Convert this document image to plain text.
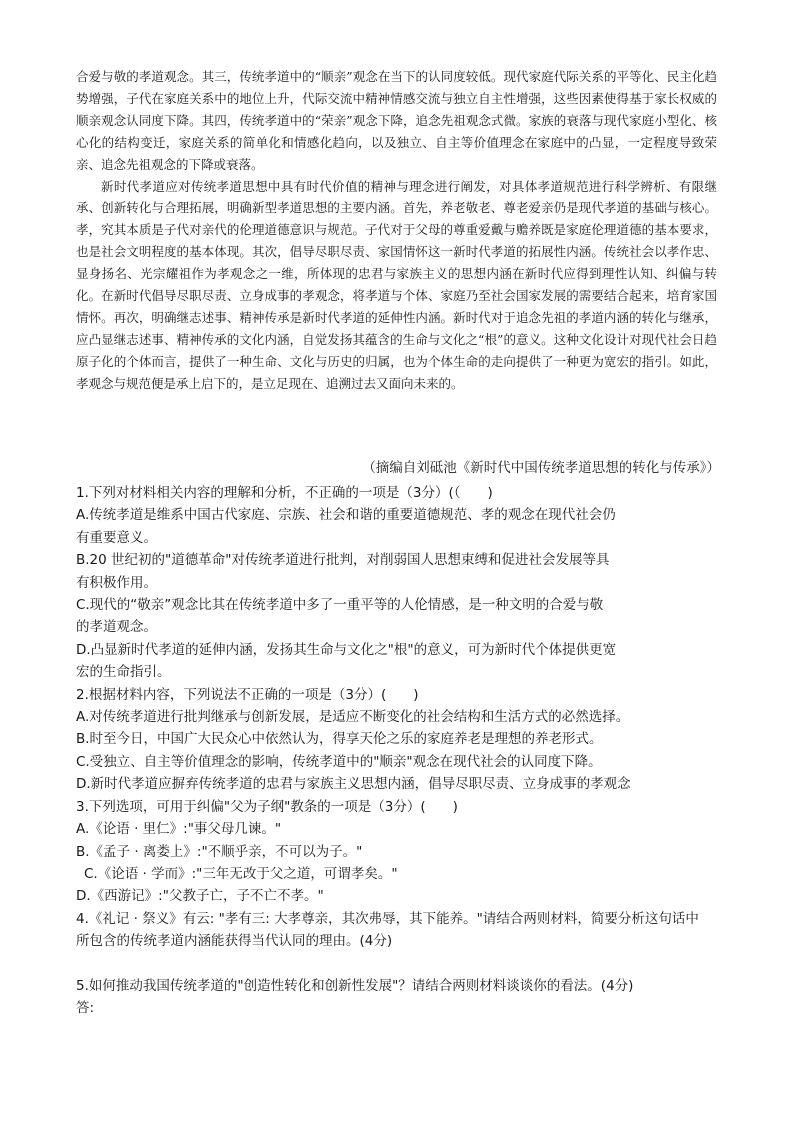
合爱与敬的孝道观念。其三，传统孝道中的“顺亲”观念在当下的认同度较低。现代家庭代际关系的平等化、民主化趋势增强，子代在家庭关系中的地位上升，代际交流中精神情感交流与独立自主性增强，这些因素使得基于家长权威的顺亲观念认同度下降。其四，传统孝道中的“荣亲”观念下降，追念先祖观念式微。家族的衰落与现代家庭小型化、核心化的结构变迁，家庭关系的简单化和情感化趋向，以及独立、自主等价值理念在家庭中的凸显，一定程度导致荣亲、追念先祖观念的下降或衰落。

新时代孝道应对传统孝道思想中具有时代价值的精神与理念进行阐发，对具体孝道规范进行科学辨析、有限继承、创新转化与合理拓展，明确新型孝道思想的主要内涵。首先，养老敬老、尊老爱亲仍是现代孝道的基础与核心。孝，究其本质是子代对亲代的伦理道德意识与规范。子代对于父母的尊重爱戴与赡养既是家庭伦理道德的基本要求，也是社会文明程度的基本体现。其次，倡导尽职尽责、家国情怀这一新时代孝道的拓展性内涵。传统社会以孝作忠、显身扬名、光宗耀祖作为孝观念之一维，所体现的忠君与家族主义的思想内涵在新时代应得到理性认知、纠偏与转化。在新时代倡导尽职尽责、立身成事的孝观念，将孝道与个体、家庭乃至社会国家发展的需要结合起来，培育家国情怀。再次，明确继志述事、精神传承是新时代孝道的延伸性内涵。新时代对于追念先祖的孝道内涵的转化与继承，应凸显继志述事、精神传承的文化内涵，自觉发扬其蕴含的生命与文化之“根”的意义。这种文化设计对现代社会日趋原子化的个体而言，提供了一种生命、文化与历史的归属，也为个体生命的走向提供了一种更为宽宏的指引。如此，孝观念与规范便是承上启下的，是立足现在、追溯过去又面向未来的。

（摘编自刘砥池《新时代中国传统孝道思想的转化与传承》）
1.下列对材料相关内容的理解和分析，不正确的一项是（3分）(（　　)
A.传统孝道是维系中国古代家庭、宗族、社会和谐的重要道德规范、孝的观念在现代社会仍
有重要意义。
B.20 世纪初的"道德革命"对传统孝道进行批判，对削弱国人思想束缚和促进社会发展等具
有积极作用。
C.现代的“敬亲”观念比其在传统孝道中多了一重平等的人伦情感，是一种文明的合爱与敬
的孝道观念。
D.凸显新时代孝道的延伸内涵，发扬其生命与文化之"根"的意义，可为新时代个体提供更宽
宏的生命指引。
2.根据材料内容，下列说法不正确的一项是（3分）(　　)
A.对传统孝道进行批判继承与创新发展，是适应不断变化的社会结构和生活方式的必然选择。
B.时至今日，中国广大民众心中依然认为，得享天伦之乐的家庭养老是理想的养老形式。
C.受独立、自主等价值理念的影响，传统孝道中的"顺亲"观念在现代社会的认同度下降。
D.新时代孝道应摒弃传统孝道的忠君与家族主义思想内涵，倡导尽职尽责、立身成事的孝观念
3.下列选项，可用于纠偏"父为子纲"教条的一项是（3分）(　　)
A.《论语 · 里仁》:"事父母几谏。"
B.《孟子 · 离娄上》:"不顺乎亲，不可以为子。"
C.《论语 · 学而》:"三年无改于父之道，可谓孝矣。"
D.《西游记》:"父教子亡，子不亡不孝。"
4.《礼记 · 祭义》有云: "孝有三: 大孝尊亲，其次弗辱，其下能养。"请结合两则材料，简要分析这句话中
所包含的传统孝道内涵能获得当代认同的理由。(4分)
5.如何推动我国传统孝道的"创造性转化和创新性发展"？请结合两则材料谈谈你的看法。(4分)
答:
